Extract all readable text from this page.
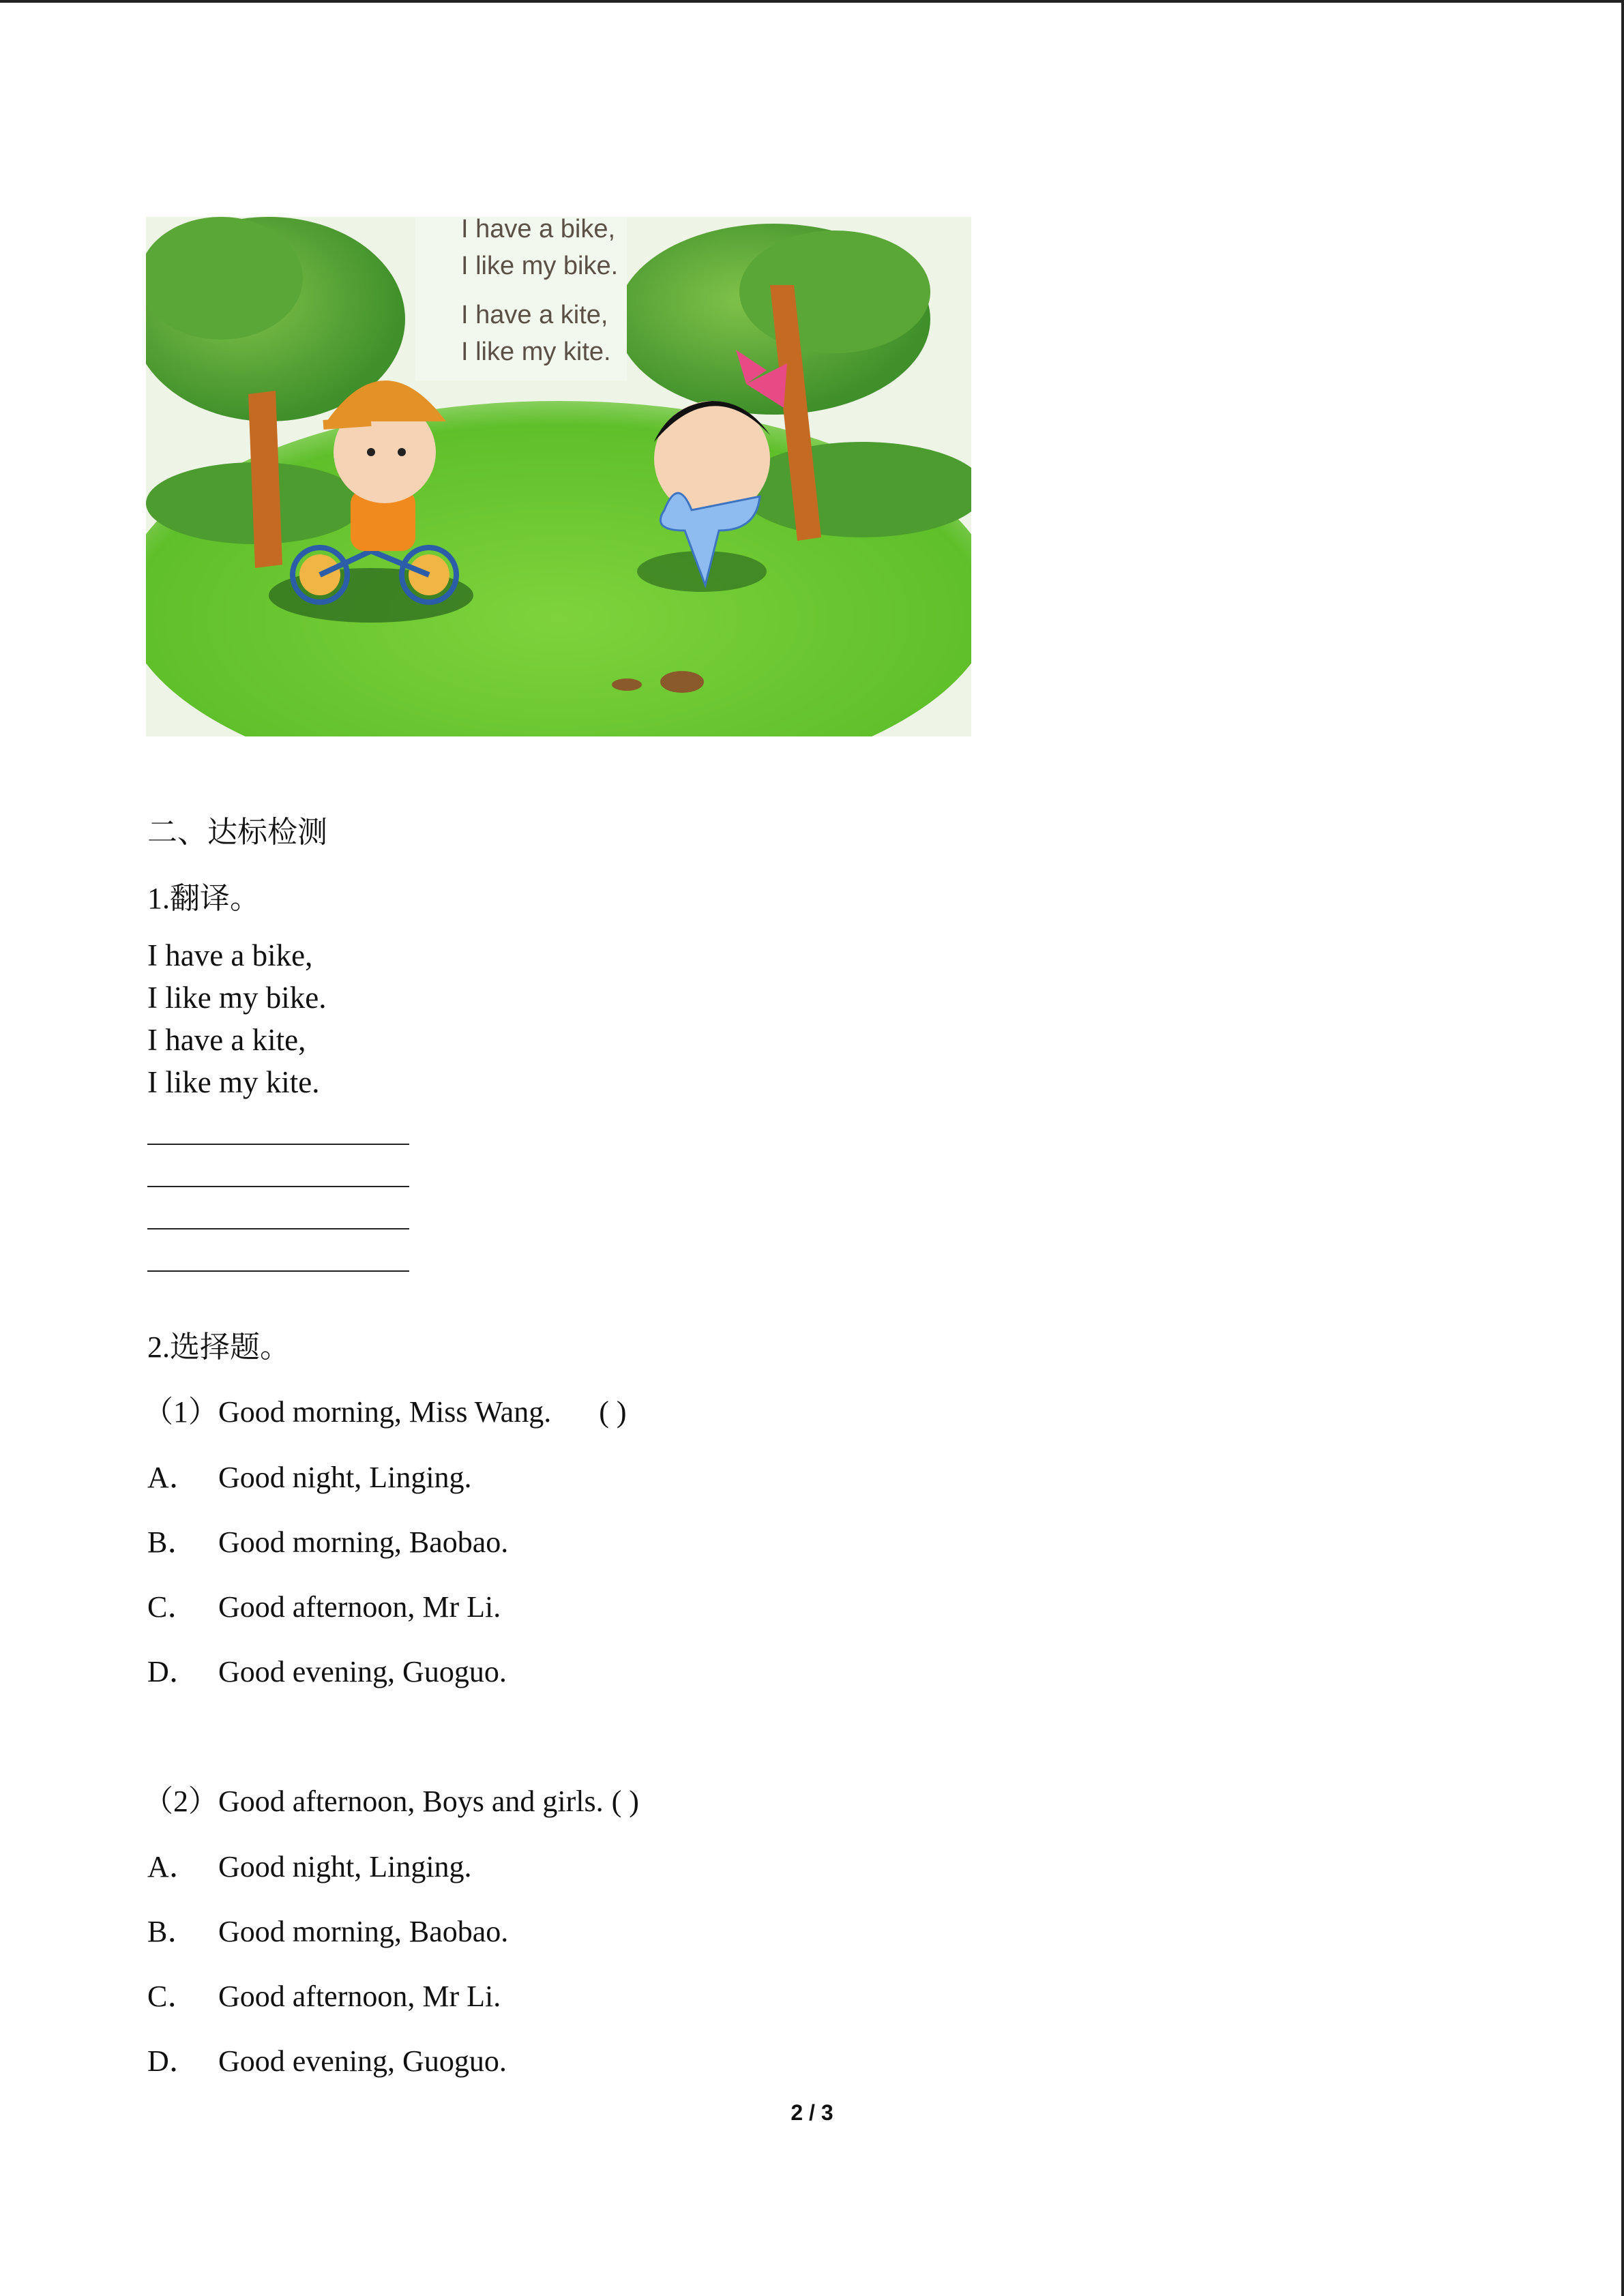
I have a bike,
I like my bike.
I have a kite,
I like my kite.
二、达标检测
1.翻译。
I have a bike,
I like my bike.
I have a kite,
I like my kite.
2.选择题。
（1）Good morning, Miss Wang. ( )
A． Good night, Linging.
B． Good morning, Baobao.
C． Good afternoon, Mr Li.
D． Good evening, Guoguo.
（2）Good afternoon, Boys and girls. ( )
A． Good night, Linging.
B． Good morning, Baobao.
C． Good afternoon, Mr Li.
D． Good evening, Guoguo.
2 / 3
